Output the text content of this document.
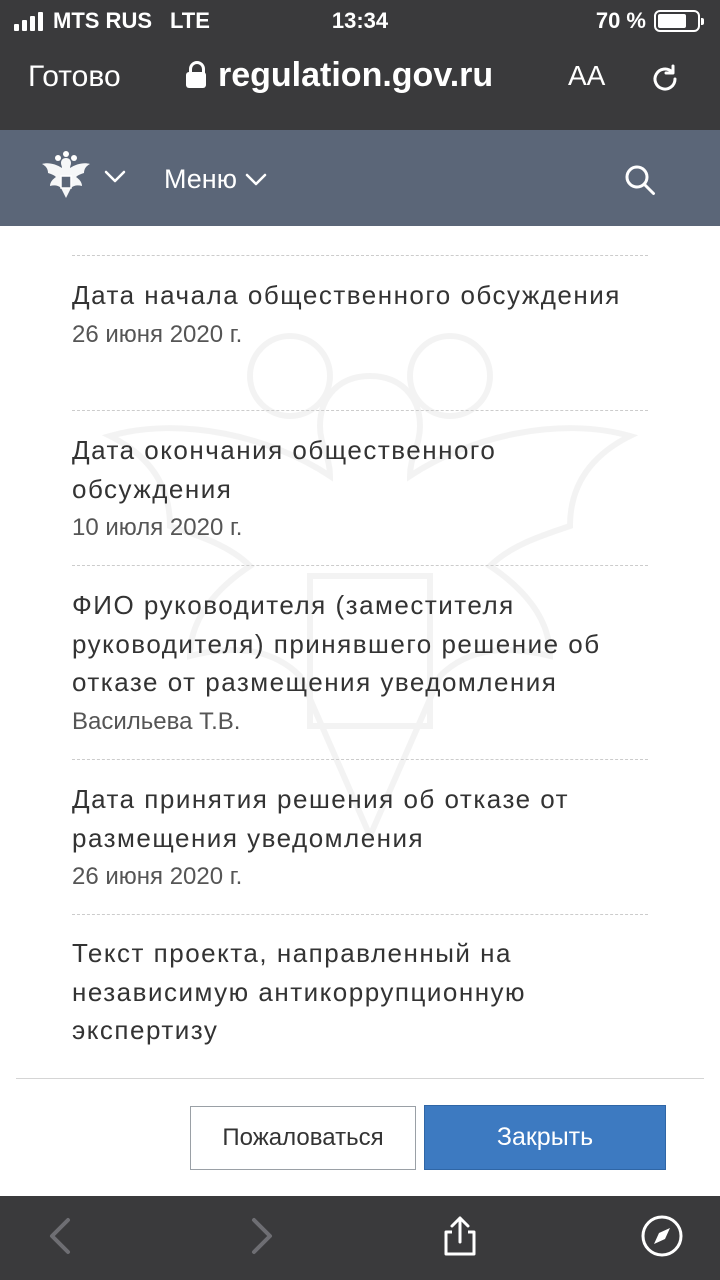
MTS RUS LTE	13:34	70 %
Готово	regulation.gov.ru	AA
Меню
Дата начала общественного обсуждения
26 июня 2020 г.
Дата окончания общественного обсуждения
10 июля 2020 г.
ФИО руководителя (заместителя руководителя) принявшего решение об отказе от размещения уведомления
Васильева Т.В.
Дата принятия решения об отказе от размещения уведомления
26 июня 2020 г.
Текст проекта, направленный на независимую антикоррупционную экспертизу
Пожаловаться	Закрыть
